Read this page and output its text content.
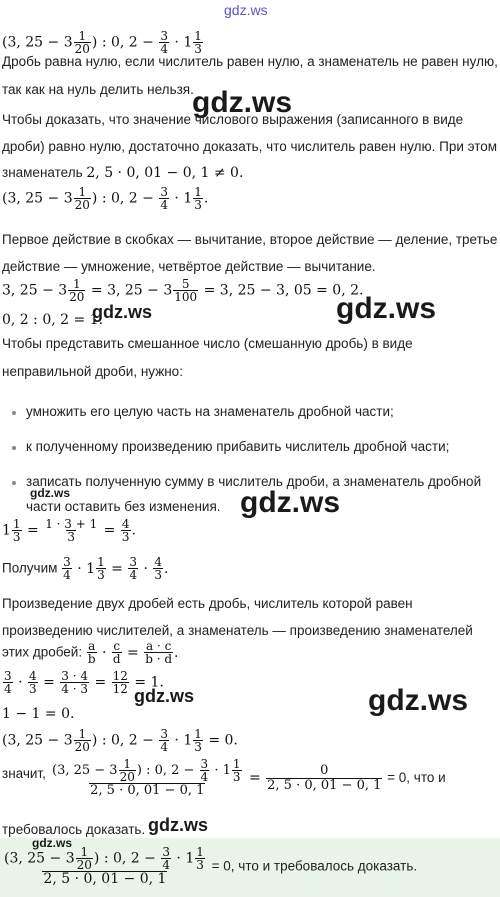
gdz.ws
(3, $25 - 3 \frac{1}{20}$ ) : 0, $2 - \frac{3}{4} \cdot 1 \frac{1}{3}$
Дробь равна нулю, если числитель равен нулю, а знаменатель не равен нулю,
так как на нуль делить нельзя.
gdz.ws
Чтобы доказать, что значение числового выражения (записанного в виде
дроби) равно нулю, достаточно доказать, что числитель равен нулю. При этом
знаменатель 2, 5 · 0, 01 − 0, 1 ≠ 0.
(3, $25 - 3 \frac{1}{20}$ ) : 0, $2 - \frac{3}{4} \cdot 1 \frac{1}{3}$ .
Первое действие в скобках — вычитание, второе действие — деление, третье
действие — умножение, четвёртое действие — вычитание.
3, $25 - 3 \frac{1}{20} = 3$, $25 - 3 \frac{5}{100} = 3$, 25 − 3, 05 = 0, 2.
0, 2 : 0, 2 = 1.
gdz.ws	gdz.ws
Чтобы представить смешанное число (смешанную дробь) в виде
неправильной дроби, нужно:
умножить его целую часть на знаменатель дробной части;
к полученному произведению прибавить числитель дробной части;
записать полученную сумму в числитель дроби, а знаменатель дробной
gdz.ws
части оставить без изменения. gdz.ws
$1 \frac{1}{3} = \frac{1 \cdot 3 + 1}{3} = \frac{4}{3}$ .
Получим $\frac{3}{4} \cdot 1 \frac{1}{3} = \frac{3}{4} \cdot \frac{4}{3}$ .
Произведение двух дробей есть дробь, числитель которой равен
произведению числителей, а знаменатель — произведению знаменателей
этих дробей: $\frac{a}{b} \cdot \frac{c}{d} = \frac{a \cdot c}{b \cdot d}$ .
$\frac{3}{4} \cdot \frac{4}{3} = \frac{3 \cdot 4}{4 \cdot 3} = \frac{12}{12} = 1$.
gdz.ws	gdz.ws
1 − 1 = 0.
(3, $25 - 3 \frac{1}{20}$ ) : 0, $2 - \frac{3}{4} \cdot 1 \frac{1}{3} = 0$.
значит, $\frac{(3, 25 - 3 \frac{1}{20} ) : 0, 2 - \frac{3}{4} \cdot 1 \frac{1}{3}}{2, 5 \cdot 0, 01 - 0, 1} = \frac{0}{2, 5 \cdot 0, 01 - 0, 1} = 0$, что и
требовалось доказать. gdz.ws
gdz.ws
$\frac{(3, 25 - 3 \frac{1}{20} ) : 0, 2 - \frac{3}{4} \cdot 1 \frac{1}{3}}{2, 5 \cdot 0, 01 - 0, 1} = 0$, что и требовалось доказать.
